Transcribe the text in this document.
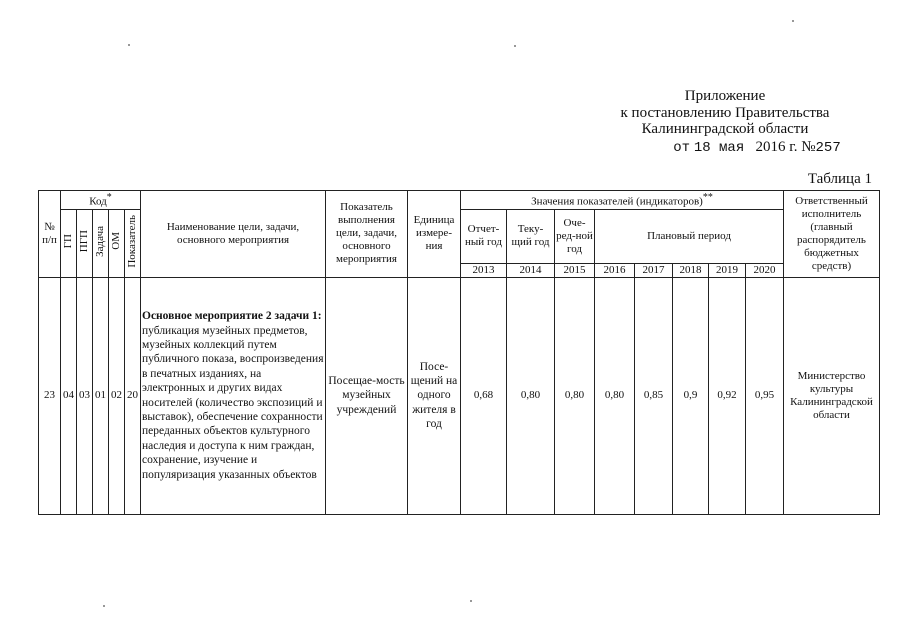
Приложение
к постановлению Правительства
Калининградской области
от 18 мая 2016 г. №257
Таблица 1
№ п/п	Код*					Наименование цели, задачи, основного мероприятия	Показатель выполнения цели, задачи, основного мероприятия	Единица измере-ния	Значения показателей (индикаторов)**								Ответственный исполнитель (главный распорядитель бюджетных средств)
	ГП	ПГП	Задача	ОМ	Показатель				Отчет-ный год	Теку-щий год	Оче-ред-ной год	Плановый период					
									2013	2014	2015	2016	2017	2018	2019	2020	
23	04	03	01	02	20	Основное мероприятие 2 задачи 1: публикация музейных предметов, музейных коллекций путем публичного показа, воспроизведения в печатных изданиях, на электронных и других видах носителей (количество экспозиций и выставок), обеспечение сохранности переданных объектов культурного наследия и доступа к ним граждан, сохранение, изучение и популяризация указанных объектов	Посещае-мость музейных учреждений	Посе-щений на одного жителя в год	0,68	0,80	0,80	0,80	0,85	0,9	0,92	0,95	Министерство культуры Калининградской области
